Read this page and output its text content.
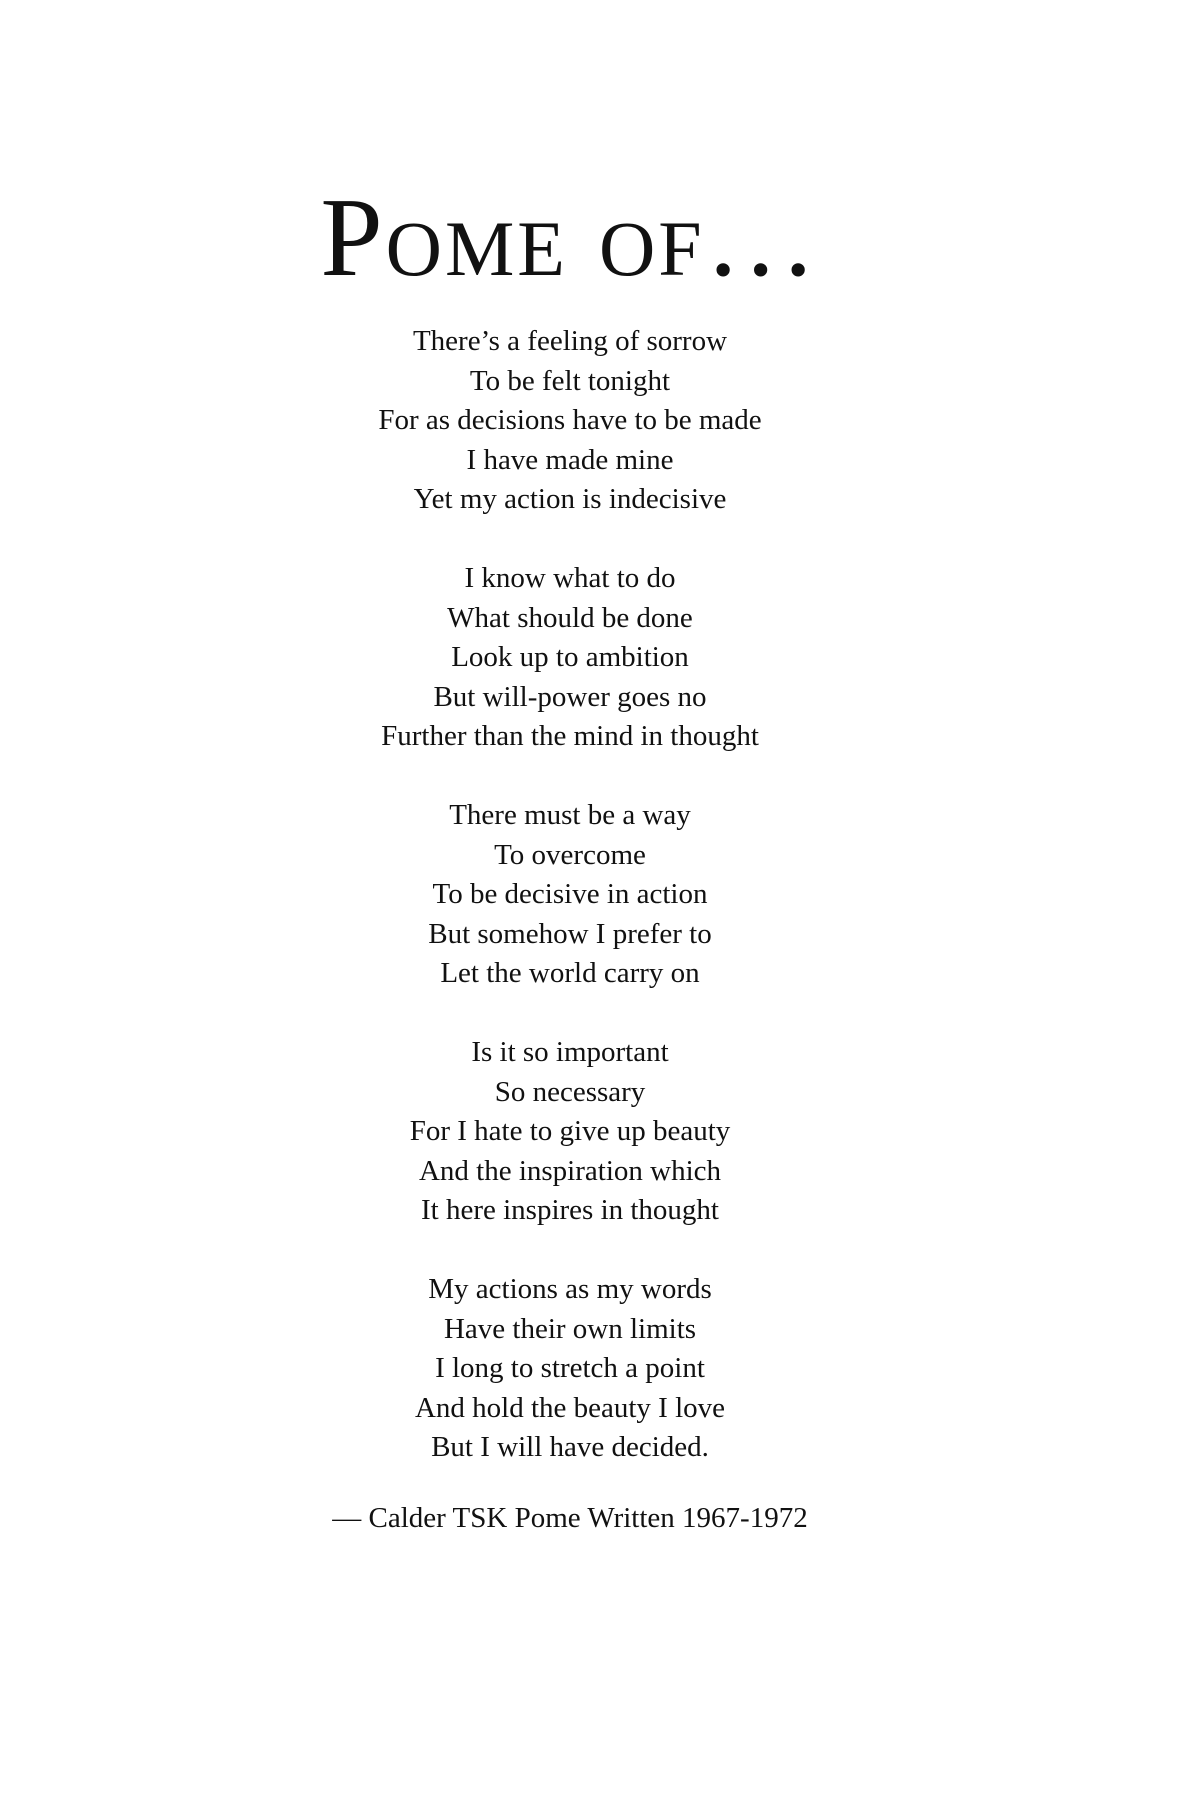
Pome of…
There’s a feeling of sorrow
To be felt tonight
For as decisions have to be made
I have made mine
Yet my action is indecisive
I know what to do
What should be done
Look up to ambition
But will-power goes no
Further than the mind in thought
There must be a way
To overcome
To be decisive in action
But somehow I prefer to
Let the world carry on
Is it so important
So necessary
For I hate to give up beauty
And the inspiration which
It here inspires in thought
My actions as my words
Have their own limits
I long to stretch a point
And hold the beauty I love
But I will have decided.
— Calder TSK Pome Written 1967-1972
